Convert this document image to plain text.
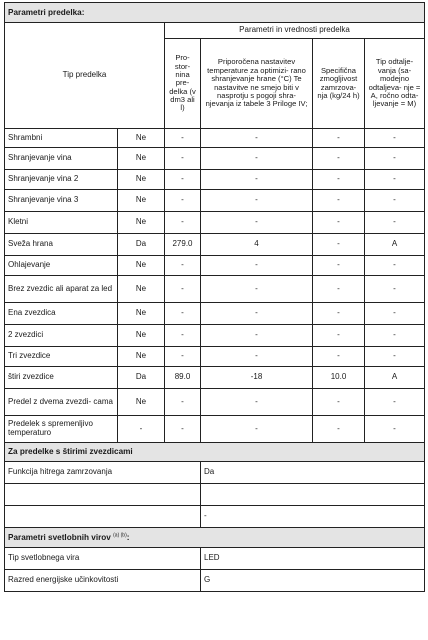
Parametri predelka:					
Tip predelka		Parametri in vrednosti predelka			
		Pro- stor- nina pre- delka (v dm3 ali l)	Priporočena nastavitev temperature za optimizi- rano shranjevanje hrane (°C) Te nastavitve ne smejo biti v nasprotju s pogoji shra- njevanja iz tabele 3 Priloge IV;	Specifična zmogljivost zamrzova- nja (kg/24 h)	Tip odtalje- vanja (sa- modejno odtaljeva- nje = A, ročno odta- ljevanje = M)
Shrambni	Ne	-	-	-	-
Shranjevanje vina	Ne	-	-	-	-
Shranjevanje vina 2	Ne	-	-	-	-
Shranjevanje vina 3	Ne	-	-	-	-
Kletni	Ne	-	-	-	-
Sveža hrana	Da	279.0	4	-	A
Ohlajevanje	Ne	-	-	-	-
Brez zvezdic ali aparat za led	Ne	-	-	-	-
Ena zvezdica	Ne	-	-	-	-
2 zvezdici	Ne	-	-	-	-
Tri zvezdice	Ne	-	-	-	-
štiri zvezdice	Da	89.0	-18	10.0	A
Predel z dvema zvezdi- cama	Ne	-	-	-	-
Predelek s spremenljivo temperaturo	-	-	-	-	-
Za predelke s štirimi zvezdicami					
Funkcija hitrega zamrzovanja			Da		

			-		
Parametri svetlobnih virov $^{(a) (b)}$:					
Tip svetlobnega vira			LED		
Razred energijske učinkovitosti			G		
